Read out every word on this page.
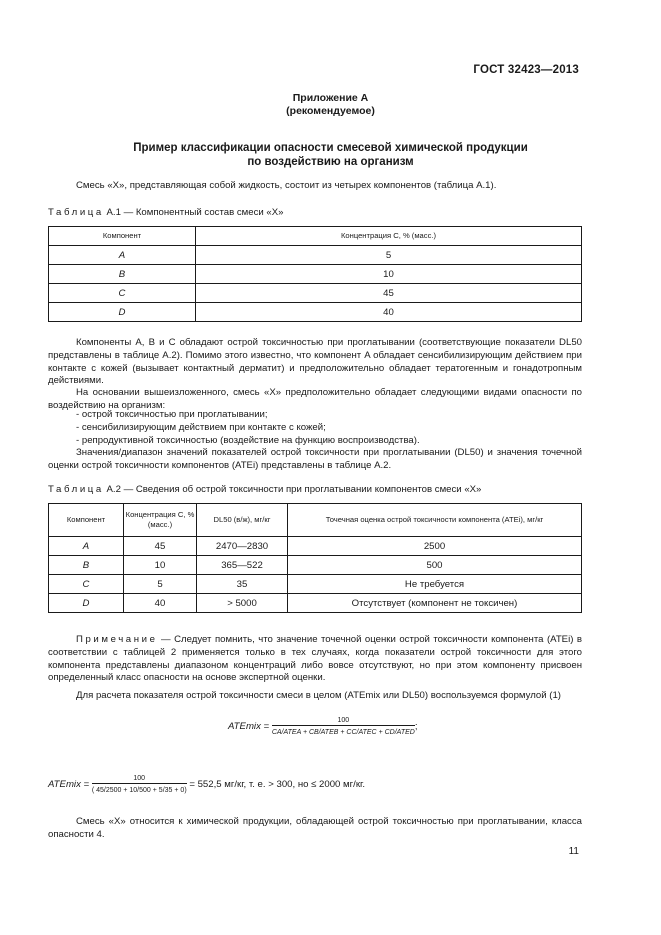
ГОСТ 32423—2013
Приложение А
(рекомендуемое)
Пример классификации опасности смесевой химической продукции
по воздействию на организм
Смесь «X», представляющая собой жидкость, состоит из четырех компонентов (таблица А.1).
Таблица А.1 — Компонентный состав смеси «X»
Компонент	Концентрация C, % (масс.)
A	5
B	10
C	45
D	40
Компоненты A, B и C обладают острой токсичностью при проглатывании (соответствующие показатели DL50 представлены в таблице А.2). Помимо этого известно, что компонент A обладает сенсибилизирующим действием при контакте с кожей (вызывает контактный дерматит) и предположительно обладает тератогенным и гонадотропным действиями.
На основании вышеизложенного, смесь «X» предположительно обладает следующими видами опасности по воздействию на организм:
- острой токсичностью при проглатывании;
- сенсибилизирующим действием при контакте с кожей;
- репродуктивной токсичностью (воздействие на функцию воспроизводства).
Значения/диапазон значений показателей острой токсичности при проглатывании (DL50) и значения точечной оценки острой токсичности компонентов (ATEi) представлены в таблице А.2.
Таблица А.2 — Сведения об острой токсичности при проглатывании компонентов смеси «X»
Компонент	Концентрация C, % (масс.)	DL50 (в/ж), мг/кг	Точечная оценка острой токсичности компонента (ATEi), мг/кг
A	45	2470—2830	2500
B	10	365—522	500
C	5	35	Не требуется
D	40	> 5000	Отсутствует (компонент не токсичен)
Примечание — Следует помнить, что значение точечной оценки острой токсичности компонента (ATEi) в соответствии с таблицей 2 применяется только в тех случаях, когда показатели острой токсичности для этого компонента представлены диапазоном концентраций либо вовсе отсутствуют, но при этом компоненту присвоен определенный класс опасности на основе экспертной оценки.
Для расчета показателя острой токсичности смеси в целом (ATEmix или DL50) воспользуемся формулой (1)
ATEmix = $\frac{100}{\text{CA/ATEA + CB/ATEB + CC/ATEC + CD/ATED}}$ ;
ATEmix = $\frac{100}{( 45/2500 + 10/500 + 5/35 + 0)} = 552,5$ мг/кг, т. е. > 300, но ≤ 2000 мг/кг.
Смесь «X» относится к химической продукции, обладающей острой токсичностью при проглатывании, класса опасности 4.
11
